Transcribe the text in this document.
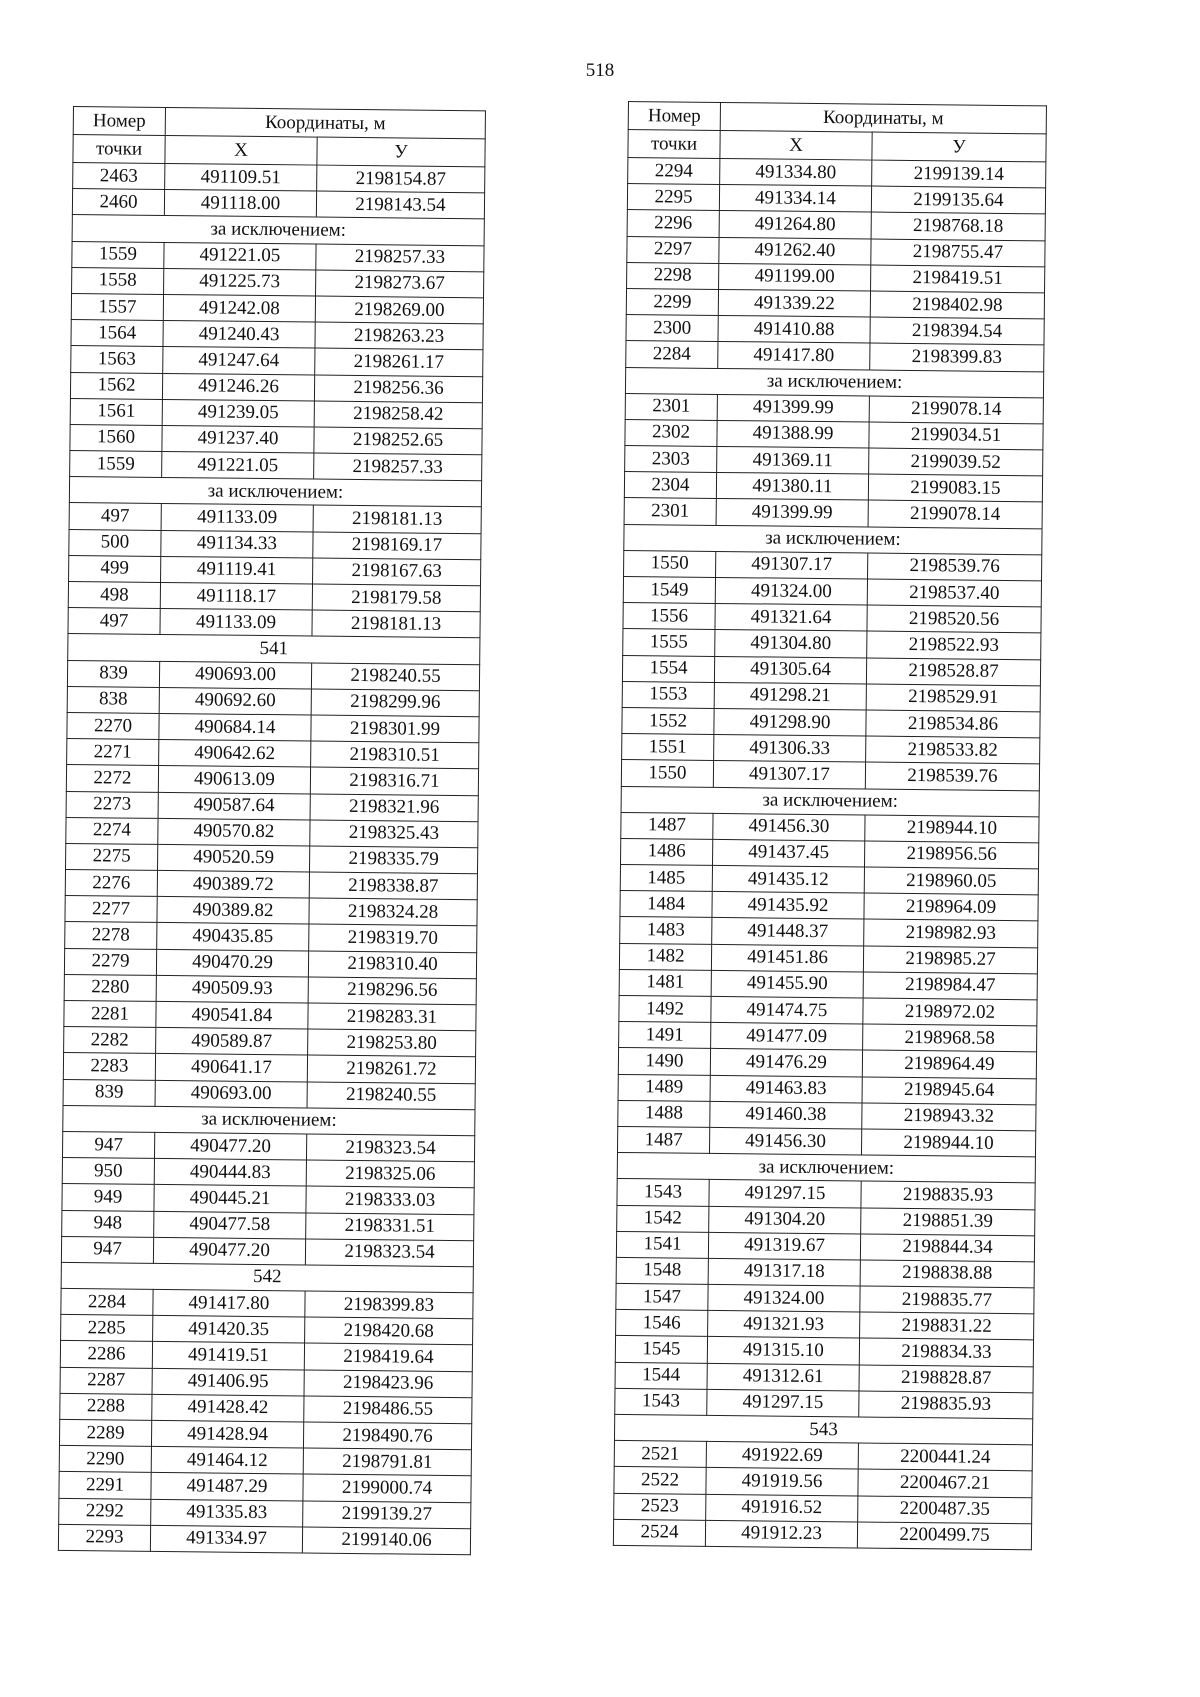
518
Номер	Координаты, м	
точки	X	У
2463	491109.51	2198154.87
2460	491118.00	2198143.54
за исключением:		
1559	491221.05	2198257.33
1558	491225.73	2198273.67
1557	491242.08	2198269.00
1564	491240.43	2198263.23
1563	491247.64	2198261.17
1562	491246.26	2198256.36
1561	491239.05	2198258.42
1560	491237.40	2198252.65
1559	491221.05	2198257.33
за исключением:		
497	491133.09	2198181.13
500	491134.33	2198169.17
499	491119.41	2198167.63
498	491118.17	2198179.58
497	491133.09	2198181.13
541		
839	490693.00	2198240.55
838	490692.60	2198299.96
2270	490684.14	2198301.99
2271	490642.62	2198310.51
2272	490613.09	2198316.71
2273	490587.64	2198321.96
2274	490570.82	2198325.43
2275	490520.59	2198335.79
2276	490389.72	2198338.87
2277	490389.82	2198324.28
2278	490435.85	2198319.70
2279	490470.29	2198310.40
2280	490509.93	2198296.56
2281	490541.84	2198283.31
2282	490589.87	2198253.80
2283	490641.17	2198261.72
839	490693.00	2198240.55
за исключением:		
947	490477.20	2198323.54
950	490444.83	2198325.06
949	490445.21	2198333.03
948	490477.58	2198331.51
947	490477.20	2198323.54
542		
2284	491417.80	2198399.83
2285	491420.35	2198420.68
2286	491419.51	2198419.64
2287	491406.95	2198423.96
2288	491428.42	2198486.55
2289	491428.94	2198490.76
2290	491464.12	2198791.81
2291	491487.29	2199000.74
2292	491335.83	2199139.27
2293	491334.97	2199140.06
Номер	Координаты, м	
точки	X	У
2294	491334.80	2199139.14
2295	491334.14	2199135.64
2296	491264.80	2198768.18
2297	491262.40	2198755.47
2298	491199.00	2198419.51
2299	491339.22	2198402.98
2300	491410.88	2198394.54
2284	491417.80	2198399.83
за исключением:		
2301	491399.99	2199078.14
2302	491388.99	2199034.51
2303	491369.11	2199039.52
2304	491380.11	2199083.15
2301	491399.99	2199078.14
за исключением:		
1550	491307.17	2198539.76
1549	491324.00	2198537.40
1556	491321.64	2198520.56
1555	491304.80	2198522.93
1554	491305.64	2198528.87
1553	491298.21	2198529.91
1552	491298.90	2198534.86
1551	491306.33	2198533.82
1550	491307.17	2198539.76
за исключением:		
1487	491456.30	2198944.10
1486	491437.45	2198956.56
1485	491435.12	2198960.05
1484	491435.92	2198964.09
1483	491448.37	2198982.93
1482	491451.86	2198985.27
1481	491455.90	2198984.47
1492	491474.75	2198972.02
1491	491477.09	2198968.58
1490	491476.29	2198964.49
1489	491463.83	2198945.64
1488	491460.38	2198943.32
1487	491456.30	2198944.10
за исключением:		
1543	491297.15	2198835.93
1542	491304.20	2198851.39
1541	491319.67	2198844.34
1548	491317.18	2198838.88
1547	491324.00	2198835.77
1546	491321.93	2198831.22
1545	491315.10	2198834.33
1544	491312.61	2198828.87
1543	491297.15	2198835.93
543		
2521	491922.69	2200441.24
2522	491919.56	2200467.21
2523	491916.52	2200487.35
2524	491912.23	2200499.75
